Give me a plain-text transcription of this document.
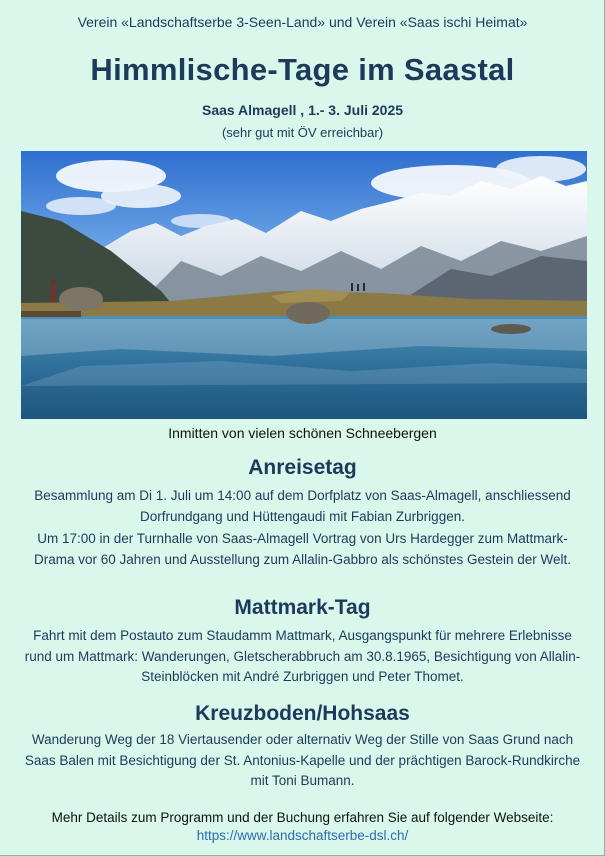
Verein «Landschaftserbe 3-Seen-Land» und Verein «Saas ischi Heimat»
Himmlische-Tage im Saastal
Saas Almagell , 1.- 3. Juli 2025
(sehr gut mit ÖV erreichbar)
Inmitten von vielen schönen Schneebergen
Anreisetag
Besammlung am Di 1. Juli um 14:00 auf dem Dorfplatz von Saas-Almagell, anschliessend Dorfrundgang und Hüttengaudi mit Fabian Zurbriggen.
Um 17:00 in der Turnhalle von Saas-Almagell Vortrag von Urs Hardegger zum Mattmark-Drama vor 60 Jahren und Ausstellung zum Allalin-Gabbro als schönstes Gestein der Welt.
Mattmark-Tag
Fahrt mit dem Postauto zum Staudamm Mattmark, Ausgangspunkt für mehrere Erlebnisse rund um Mattmark: Wanderungen, Gletscherabbruch am 30.8.1965, Besichtigung von Allalin-Steinblöcken mit André Zurbriggen und Peter Thomet.
Kreuzboden/Hohsaas
Wanderung Weg der 18 Viertausender oder alternativ Weg der Stille von Saas Grund nach Saas Balen mit Besichtigung der St. Antonius-Kapelle und der prächtigen Barock-Rundkirche mit Toni Bumann.
Mehr Details zum Programm und der Buchung erfahren Sie auf folgender Webseite:
https://www.landschaftserbe-dsl.ch/
